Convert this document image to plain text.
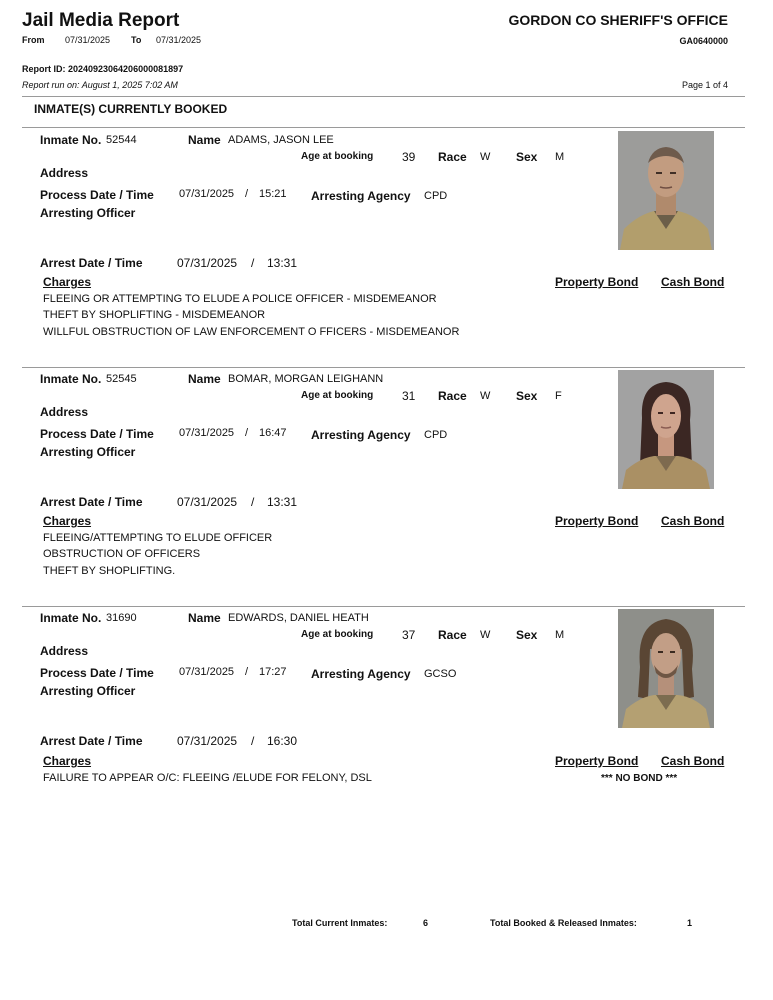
Jail Media Report	GORDON CO SHERIFF'S OFFICE
From 07/31/2025 To 07/31/2025	GA0640000
Report ID: 20240923064206000081897
Report run on: August 1, 2025 7:02 AM	Page 1 of 4
INMATE(S) CURRENTLY BOOKED
Inmate No. 52544	Name ADAMS, JASON LEE
Age at booking 39 Race W Sex M
Address
Process Date / Time 07/31/2025 / 15:21 Arresting Agency CPD
Arresting Officer
Arrest Date / Time	07/31/2025 / 13:31
Charges	Property Bond Cash Bond
FLEEING OR ATTEMPTING TO ELUDE A POLICE OFFICER - MISDEMEANOR
THEFT BY SHOPLIFTING - MISDEMEANOR
WILLFUL OBSTRUCTION OF LAW ENFORCEMENT O FFICERS - MISDEMEANOR
Inmate No. 52545	Name BOMAR, MORGAN LEIGHANN
Age at booking 31 Race W Sex F
Address
Process Date / Time 07/31/2025 / 16:47 Arresting Agency CPD
Arresting Officer
Arrest Date / Time	07/31/2025 / 13:31
Charges	Property Bond Cash Bond
FLEEING/ATTEMPTING TO ELUDE OFFICER
OBSTRUCTION OF OFFICERS
THEFT BY SHOPLIFTING.
Inmate No. 31690	Name EDWARDS, DANIEL HEATH
Age at booking 37 Race W Sex M
Address
Process Date / Time 07/31/2025 / 17:27 Arresting Agency GCSO
Arresting Officer
Arrest Date / Time	07/31/2025 / 16:30
Charges	Property Bond Cash Bond
FAILURE TO APPEAR O/C: FLEEING /ELUDE FOR FELONY, DSL	*** NO BOND ***
Total Current Inmates:	6	Total Booked & Released Inmates:	1
